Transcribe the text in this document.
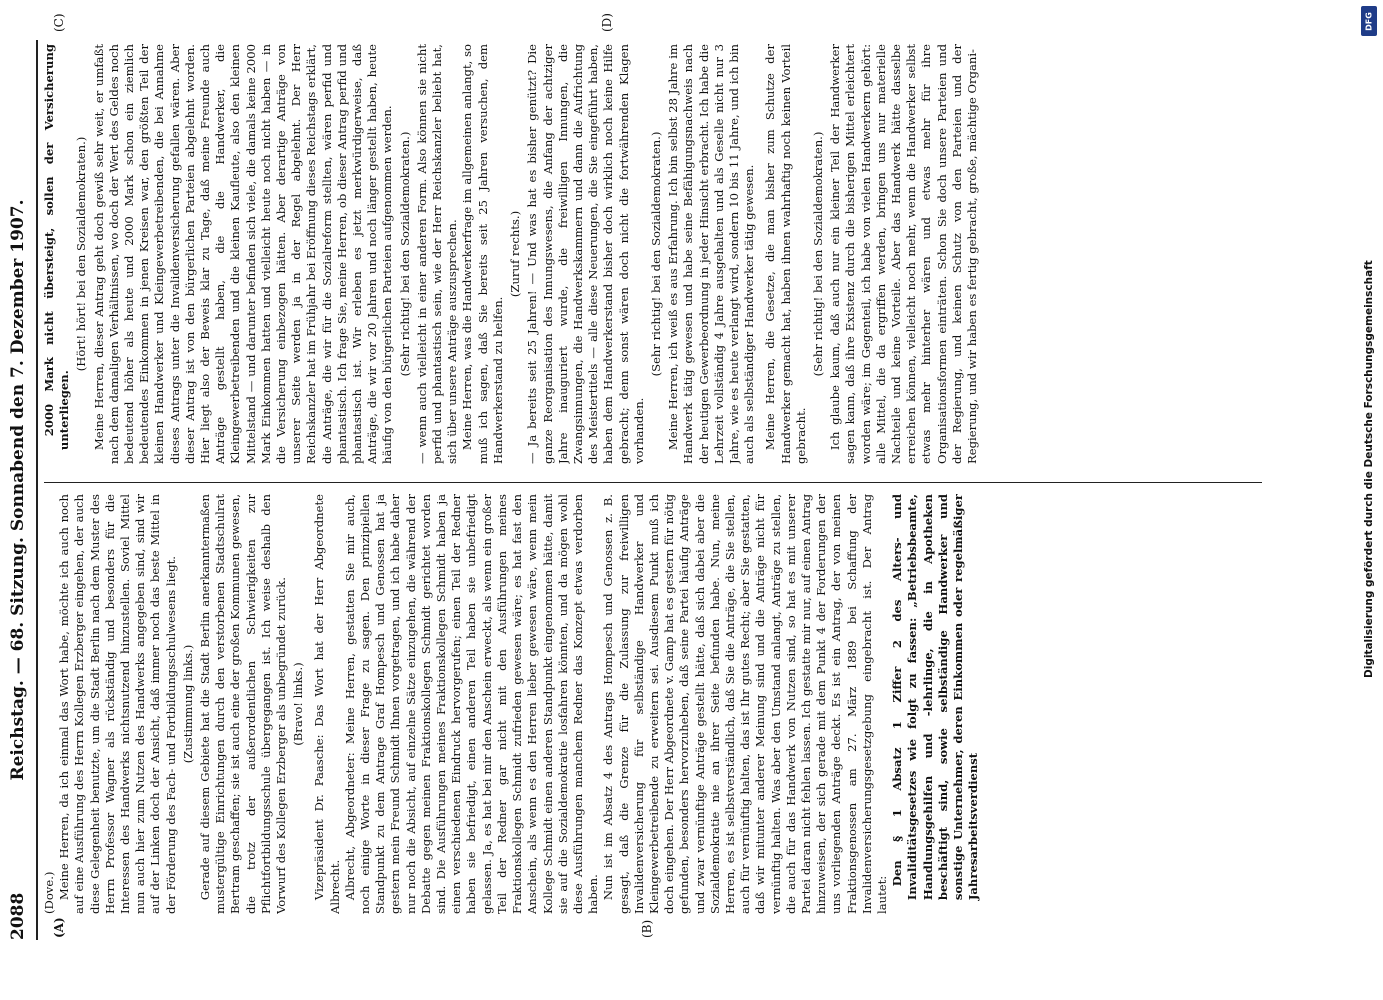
2088
Reichstag. — 68. Sitzung. Sonnabend den 7. Dezember 1907.
(A)	(B)
(C)	(D)

(Dove.) Meine Herren, da ich einmal das Wort habe, möchte ich auch noch auf eine Ausführung des Herrn Kollegen Erzberger eingehen, der auch diese Gelegenheit benutzte, um die Stadt Berlin nach dem Muster des Herrn Professor Wagner als rückständig und besonders für die Interessen des Handwerks nichtsnutzend hinzustellen. Soviel Mittel nun auch hier zum Nutzen des Handwerks angegeben sind, sind wir auf der Linken doch der Ansicht, daß immer noch das beste Mittel in der Förderung des Fach- und Fortbildungsschulwesens liegt. (Zustimmung links.) Gerade auf diesem Gebiete hat die Stadt Berlin anerkanntermaßen mustergültige Einrichtungen durch den verstorbenen Stadtschulrat Bertram geschaffen; sie ist auch eine der großen Kommunen gewesen, die trotz der außerordentlichen Schwierigkeiten zur Pflichtfortbildungsschule übergegangen ist. Ich weise deshalb den Vorwurf des Kollegen Erzberger als unbegründet zurück. (Bravo! links.) Vizepräsident Dr. Paasche: Das Wort hat der Herr Abgeordnete Albrecht. Albrecht, Abgeordneter: Meine Herren, gestatten Sie mir auch, noch einige Worte in dieser Frage zu sagen. Den prinzipiellen Standpunkt zu dem Antrage Graf Hompesch und Genossen hat ja gestern mein Freund Schmidt Ihnen vorgetragen, und ich habe daher nur noch die Absicht, auf einzelne Sätze einzugehen, die während der Debatte gegen meinen Fraktionskollegen Schmidt gerichtet worden sind. Die Ausführungen meines Fraktionskollegen Schmidt haben ja einen verschiedenen Eindruck hervorgerufen; einen Teil der Redner haben sie befriedigt, einen anderen Teil haben sie unbefriedigt gelassen. Ja, es hat bei mir den Anschein erweckt, als wenn ein großer Teil der Redner gar nicht mit den Ausführungen meines Fraktionskollegen Schmidt zufrieden gewesen wäre; es hat fast den Anschein, als wenn es den Herren lieber gewesen wäre, wenn mein Kollege Schmidt einen anderen Standpunkt eingenommen hätte, damit sie auf die Sozialdemokratie losfahren könnten, und da mögen wohl diese Ausführungen manchem Redner das Konzept etwas verdorben haben. Nun ist im Absatz 4 des Antrags Hompesch und Genossen z. B. gesagt, daß die Grenze für die Zulassung zur freiwilligen Invalidenversicherung für selbständige Handwerker und Kleingewerbetreibende zu erweitern sei. Ausdiesem Punkt muß ich doch eingehen. Der Herr Abgeordnete v. Gamp hat es gestern für nötig gefunden, besonders hervorzuheben, daß seine Partei häufig Anträge und zwar vernünftige Anträge gestellt hätte, daß sich dabei aber die Sozialdemokratie nie an ihrer Seite befunden habe. Nun, meine Herren, es ist selbstverständlich, daß Sie die Anträge, die Sie stellen, auch für vernünftig halten, das ist Ihr gutes Recht; aber Sie gestatten, daß wir mitunter anderer Meinung sind und die Anträge nicht für vernünftig halten. Was aber den Umstand anlangt, Anträge zu stellen, die auch für das Handwerk von Nutzen sind, so hat es mit unserer Partei daran nicht fehlen lassen. Ich gestatte mir nur, auf einen Antrag hinzuweisen, der sich gerade mit dem Punkt 4 der Forderungen der uns vorliegenden Anträge deckt. Es ist ein Antrag, der von meinen Fraktionsgenossen am 27. März 1889 bei Schaffung der Invalidenversicherungsgesetzgebung eingebracht ist. Der Antrag lautet:

Den § 1 Absatz 1 Ziffer 2 des Alters- und Invaliditätsgesetzes wie folgt zu fassen: „Betriebsbeamte, Handlungsgehilfen und -lehrlinge, die in Apotheken beschäftigt sind, sowie selbständige Handwerker und sonstige Unternehmer, deren Einkommen oder regelmäßiger Jahresarbeitsverdienst

2000 Mark nicht übersteigt, sollen der Versicherung unterliegen.

(Hört! hört! bei den Sozialdemokraten.) Meine Herren, dieser Antrag geht doch gewiß sehr weit, er umfaßt nach dem damaligen Verhältnissen, wo doch der Wert des Geldes noch bedeutend höher als heute und 2000 Mark schon ein ziemlich bedeutendes Einkommen in jenen Kreisen war, den größten Teil der kleinen Handwerker und Kleingewerbetreibenden, die bei Annahme dieses Antrags unter die Invalidenversicherung gefallen wären. Aber dieser Antrag ist von den bürgerlichen Parteien abgelehnt worden. Hier liegt also der Beweis klar zu Tage, daß meine Freunde auch Anträge gestellt haben, die die Handwerker, die Kleingewerbetreibenden und die kleinen Kaufleute, also den kleinen Mittelstand — und darunter befinden sich viele, die damals keine 2000 Mark Einkommen hatten und vielleicht heute noch nicht haben — in die Versicherung einbezogen hätten. Aber derartige Anträge von unserer Seite werden ja in der Regel abgelehnt. Der Herr Reichskanzler hat im Frühjahr bei Eröffnung dieses Reichstags erklärt, die Anträge, die wir für die Sozialreform stellten, wären perfid und phantastisch. Ich frage Sie, meine Herren, ob dieser Antrag perfid und phantastisch ist. Wir erleben es jetzt merkwürdigerweise, daß Anträge, die wir vor 20 Jahren und noch länger gestellt haben, heute häufig von den bürgerlichen Parteien aufgenommen werden. (Sehr richtig! bei den Sozialdemokraten.) — wenn auch vielleicht in einer anderen Form. Also können sie nicht perfid und phantastisch sein, wie der Herr Reichskanzler beliebt hat, sich über unsere Anträge auszusprechen. Meine Herren, was die Handwerkerfrage im allgemeinen anlangt, so muß ich sagen, daß Sie bereits seit 25 Jahren versuchen, dem Handwerkerstand zu helfen.

(Zuruf rechts.) — Ja bereits seit 25 Jahren! — Und was hat es bisher genützt? Die ganze Reorganisation des Innungswesens, die Anfang der achtziger Jahre inauguriert wurde, die freiwilligen Innungen, die Zwangsinnungen, die Handwerkskammern und dann die Aufrichtung des Meistertitels — alle diese Neuerungen, die Sie eingeführt haben, haben dem Handwerkerstand bisher doch wirklich noch keine Hilfe gebracht; denn sonst wären doch nicht die fortwährenden Klagen vorhanden.

(Sehr richtig! bei den Sozialdemokraten.) Meine Herren, ich weiß es aus Erfahrung. Ich bin selbst 28 Jahre im Handwerk tätig gewesen und habe seine Befähigungsnachweis nach der heutigen Gewerbeordnung in jeder Hinsicht erbracht. Ich habe die Lehrzeit vollständig 4 Jahre ausgehalten und als Geselle nicht nur 3 Jahre, wie es heute verlangt wird, sondern 10 bis 11 Jahre, und ich bin auch als selbständiger Handwerker tätig gewesen. Meine Herren, die Gesetze, die man bisher zum Schutze der Handwerker gemacht hat, haben ihnen wahrhaftig noch keinen Vorteil gebracht.

(Sehr richtig! bei den Sozialdemokraten.) Ich glaube kaum, daß auch nur ein kleiner Teil der Handwerker sagen kann, daß ihre Existenz durch die bisherigen Mittel erleichtert worden wäre; im Gegenteil, ich habe von vielen Handwerkern gehört: alle Mittel, die da ergriffen werden, bringen uns nur materielle Nachteile und keine Vorteile. Aber das Handwerk hätte dasselbe erreichen können, vielleicht noch mehr, wenn die Handwerker selbst etwas mehr hinterher wären und etwas mehr für ihre Organisationsformen einträten. Schon Sie doch unsere Parteien und der Regierung, und keinen Schutz von den Parteien und der Regierung, und wir haben es fertig gebracht, große, mächtige Organi-

Digitalisierung gefördert durch die Deutsche Forschungsgemeinschaft
DFG
